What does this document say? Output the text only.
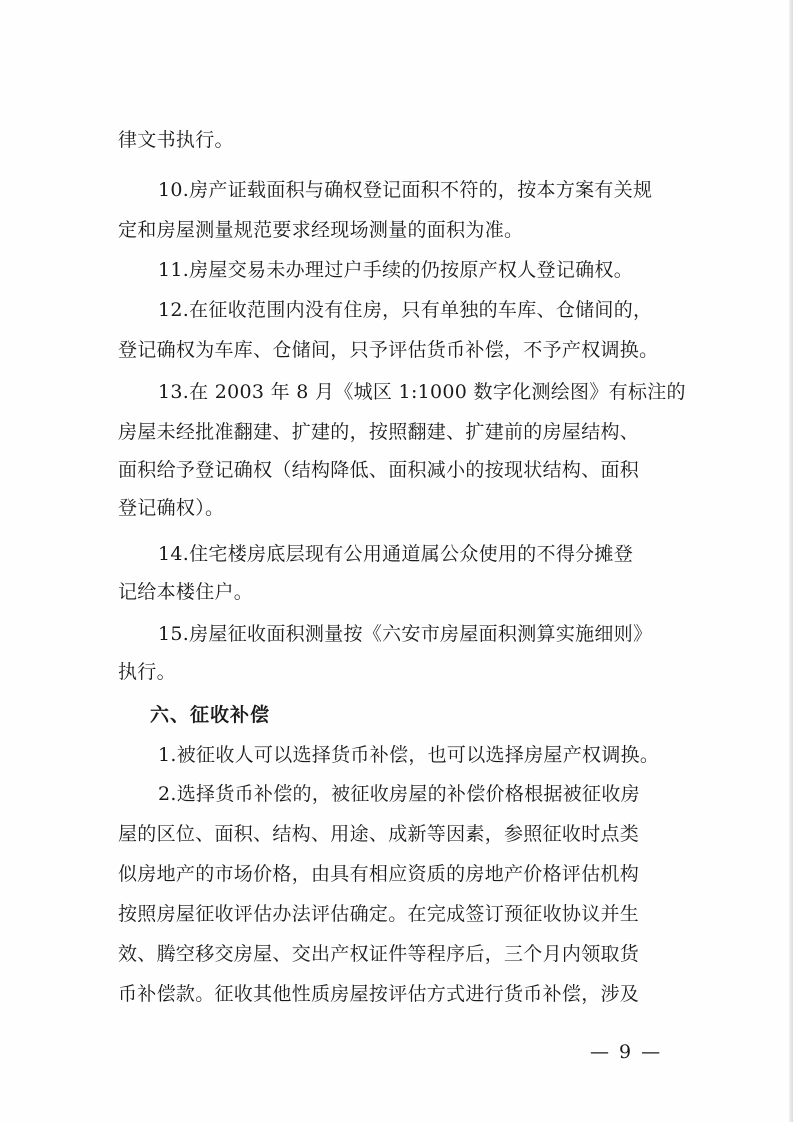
律文书执行。
10.房产证载面积与确权登记面积不符的，按本方案有关规
定和房屋测量规范要求经现场测量的面积为准。
11.房屋交易未办理过户手续的仍按原产权人登记确权。
12.在征收范围内没有住房，只有单独的车库、仓储间的，
登记确权为车库、仓储间，只予评估货币补偿，不予产权调换。
13.在 2003 年 8 月《城区 1:1000 数字化测绘图》有标注的
房屋未经批准翻建、扩建的，按照翻建、扩建前的房屋结构、
面积给予登记确权（结构降低、面积减小的按现状结构、面积
登记确权）。
14.住宅楼房底层现有公用通道属公众使用的不得分摊登
记给本楼住户。
15.房屋征收面积测量按《六安市房屋面积测算实施细则》
执行。
六、征收补偿
1.被征收人可以选择货币补偿，也可以选择房屋产权调换。
2.选择货币补偿的，被征收房屋的补偿价格根据被征收房
屋的区位、面积、结构、用途、成新等因素，参照征收时点类
似房地产的市场价格，由具有相应资质的房地产价格评估机构
按照房屋征收评估办法评估确定。在完成签订预征收协议并生
效、腾空移交房屋、交出产权证件等程序后，三个月内领取货
币补偿款。征收其他性质房屋按评估方式进行货币补偿，涉及
— 9 —
